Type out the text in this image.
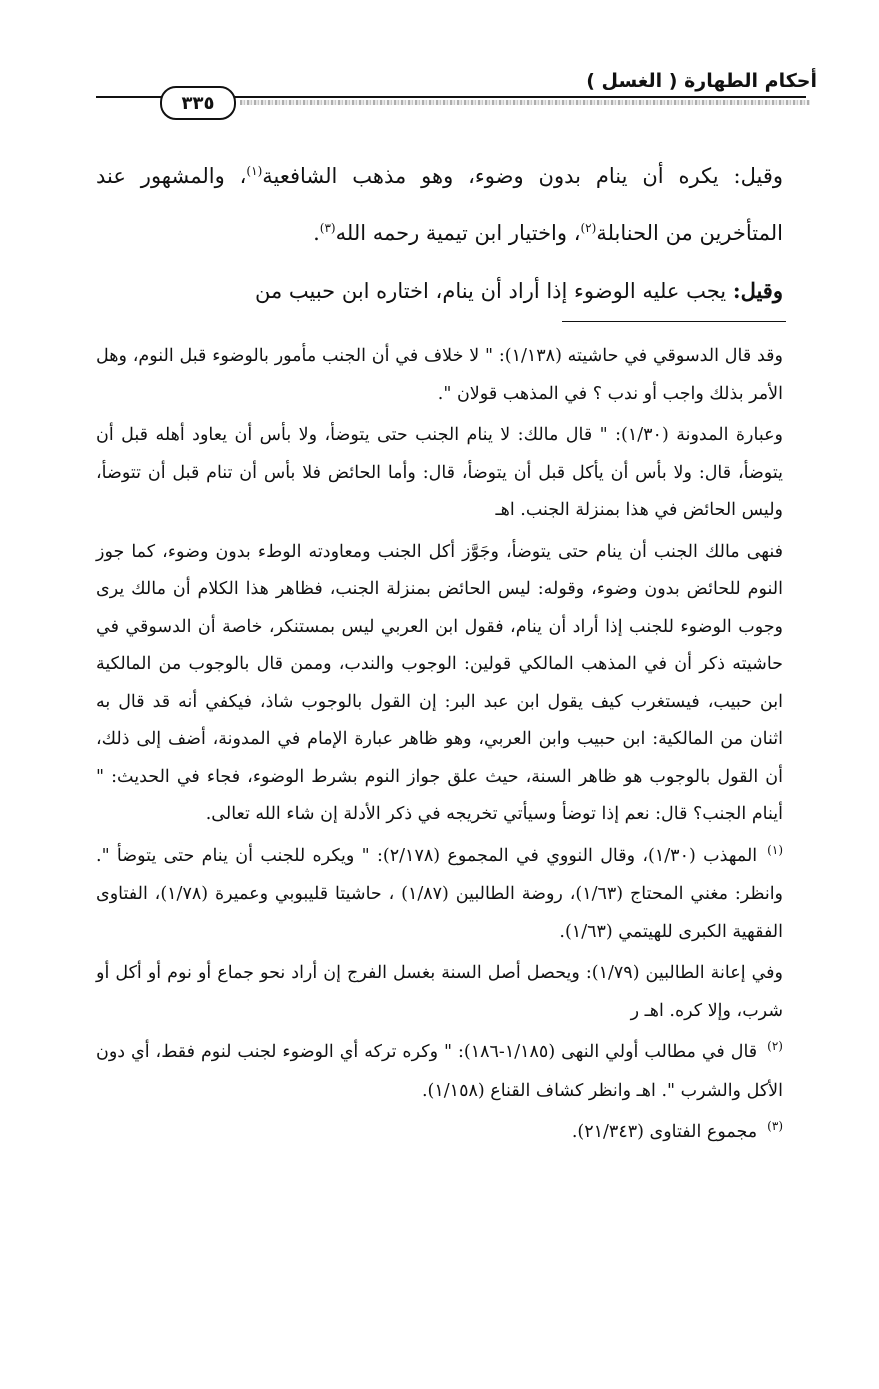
أحكام الطهارة ( الغسل )
٣٣٥

وقيل: يكره أن ينام بدون وضوء، وهو مذهب الشافعية$^{(١)}$، والمشهور عند المتأخرين من الحنابلة$^{(٢)}$، واختيار ابن تيمية رحمه الله$^{(٣)}$.

وقيل: يجب عليه الوضوء إذا أراد أن ينام، اختاره ابن حبيب من

وقد قال الدسوقي في حاشيته (١/١٣٨): " لا خلاف في أن الجنب مأمور بالوضوء قبل النوم، وهل الأمر بذلك واجب أو ندب ؟ في المذهب قولان ".

وعبارة المدونة (١/٣٠): " قال مالك: لا ينام الجنب حتى يتوضأ، ولا بأس أن يعاود أهله قبل أن يتوضأ، قال: ولا بأس أن يأكل قبل أن يتوضأ، قال: وأما الحائض فلا بأس أن تنام قبل أن تتوضأ، وليس الحائض في هذا بمنزلة الجنب. اهـ

فنهى مالك الجنب أن ينام حتى يتوضأ، وجَوَّز أكل الجنب ومعاودته الوطء بدون وضوء، كما جوز النوم للحائض بدون وضوء، وقوله: ليس الحائض بمنزلة الجنب، فظاهر هذا الكلام أن مالك يرى وجوب الوضوء للجنب إذا أراد أن ينام، فقول ابن العربي ليس بمستنكر، خاصة أن الدسوقي في حاشيته ذكر أن في المذهب المالكي قولين: الوجوب والندب، وممن قال بالوجوب من المالكية ابن حبيب، فيستغرب كيف يقول ابن عبد البر: إن القول بالوجوب شاذ، فيكفي أنه قد قال به اثنان من المالكية: ابن حبيب وابن العربي، وهو ظاهر عبارة الإمام في المدونة، أضف إلى ذلك، أن القول بالوجوب هو ظاهر السنة، حيث علق جواز النوم بشرط الوضوء، فجاء في الحديث: " أينام الجنب؟ قال: نعم إذا توضأ وسيأتي تخريجه في ذكر الأدلة إن شاء الله تعالى.

$^{(١)}$المهذب (١/٣٠)، وقال النووي في المجموع (٢/١٧٨): " ويكره للجنب أن ينام حتى يتوضأ ". وانظر: مغني المحتاج (١/٦٣)، روضة الطالبين (١/٨٧) ، حاشيتا قليبوبي وعميرة (١/٧٨)، الفتاوى الفقهية الكبرى للهيتمي (١/٦٣).

وفي إعانة الطالبين (١/٧٩): ويحصل أصل السنة بغسل الفرج إن أراد نحو جماع أو نوم أو أكل أو شرب، وإلا كره. اهـ ر

$^{(٢)}$قال في مطالب أولي النهى (١/١٨٥-١٨٦): " وكره تركه أي الوضوء لجنب لنوم فقط، أي دون الأكل والشرب ". اهـ وانظر كشاف القناع (١/١٥٨).

$^{(٣)}$مجموع الفتاوى (٢١/٣٤٣).
